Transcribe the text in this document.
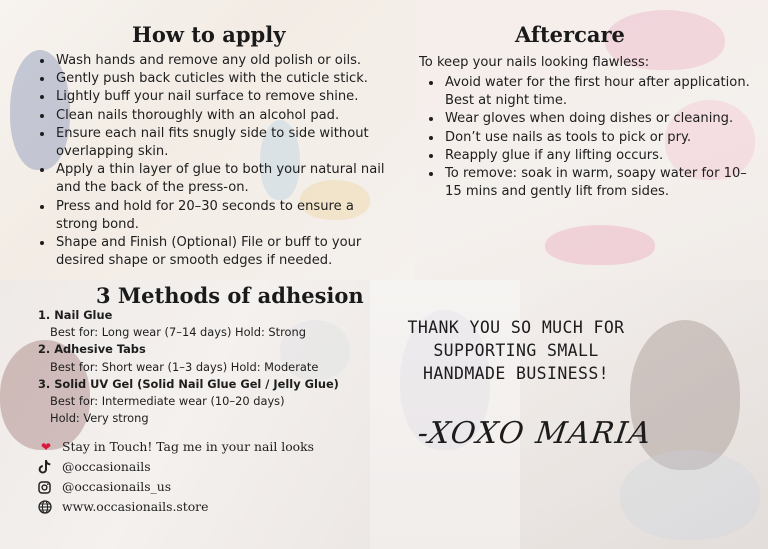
How to apply
• Wash hands and remove any old polish or oils.
• Gently push back cuticles with the cuticle stick.
• Lightly buff your nail surface to remove shine.
• Clean nails thoroughly with an alcohol pad.
• Ensure each nail fits snugly side to side without overlapping skin.
• Apply a thin layer of glue to both your natural nail and the back of the press-on.
• Press and hold for 20–30 seconds to ensure a strong bond.
• Shape and Finish (Optional) File or buff to your desired shape or smooth edges if needed.
Aftercare
To keep your nails looking flawless:
• Avoid water for the first hour after application. Best at night time.
• Wear gloves when doing dishes or cleaning.
• Don’t use nails as tools to pick or pry.
• Reapply glue if any lifting occurs.
• To remove: soak in warm, soapy water for 10–15 mins and gently lift from sides.
3 Methods of adhesion
1. Nail Glue
Best for: Long wear (7–14 days) Hold: Strong
2. Adhesive Tabs
Best for: Short wear (1–3 days) Hold: Moderate
3. Solid UV Gel (Solid Nail Glue Gel / Jelly Glue)
Best for: Intermediate wear (10–20 days)
Hold: Very strong
❤ Stay in Touch! Tag me in your nail looks
@occasionails
@occasionails_us
www.occasionails.store
THANK YOU SO MUCH FOR
SUPPORTING SMALL
HANDMADE BUSINESS!
-XOXO MARIA
